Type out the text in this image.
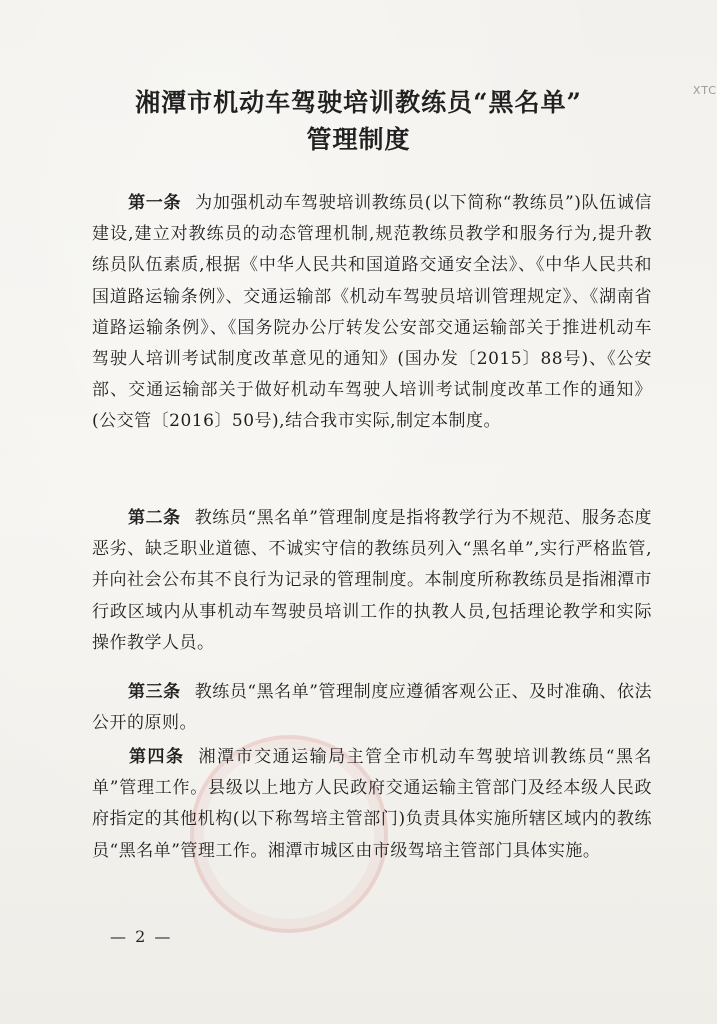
XTC
湘潭市机动车驾驶培训教练员“黑名单”
管理制度
第一条 为加强机动车驾驶培训教练员(以下简称“教练员”)队伍诚信建设,建立对教练员的动态管理机制,规范教练员教学和服务行为,提升教练员队伍素质,根据《中华人民共和国道路交通安全法》、《中华人民共和国道路运输条例》、交通运输部《机动车驾驶员培训管理规定》、《湖南省道路运输条例》、《国务院办公厅转发公安部交通运输部关于推进机动车驾驶人培训考试制度改革意见的通知》(国办发〔2015〕88号)、《公安部、交通运输部关于做好机动车驾驶人培训考试制度改革工作的通知》(公交管〔2016〕50号),结合我市实际,制定本制度。
第二条 教练员“黑名单”管理制度是指将教学行为不规范、服务态度恶劣、缺乏职业道德、不诚实守信的教练员列入“黑名单”,实行严格监管,并向社会公布其不良行为记录的管理制度。本制度所称教练员是指湘潭市行政区域内从事机动车驾驶员培训工作的执教人员,包括理论教学和实际操作教学人员。
第三条 教练员“黑名单”管理制度应遵循客观公正、及时准确、依法公开的原则。
第四条 湘潭市交通运输局主管全市机动车驾驶培训教练员“黑名单”管理工作。县级以上地方人民政府交通运输主管部门及经本级人民政府指定的其他机构(以下称驾培主管部门)负责具体实施所辖区域内的教练员“黑名单”管理工作。湘潭市城区由市级驾培主管部门具体实施。
— 2 —
